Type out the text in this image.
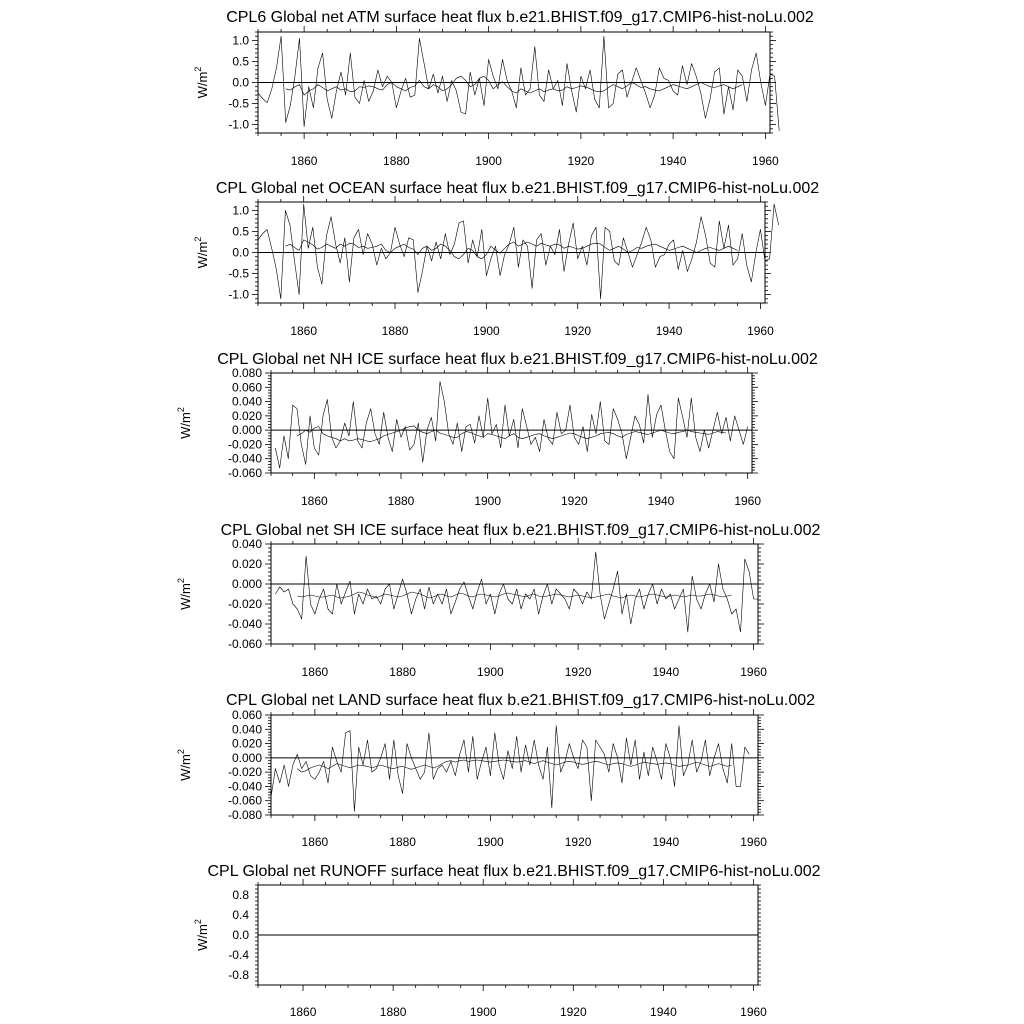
CPL6 Global net ATM surface heat flux b.e21.BHIST.f09_g17.CMIP6-hist-noLu.002
1.0
0.5
0.0
-0.5
-1.0
1860	1880	1900	1920	1940	1960
$W/m^2$
CPL Global net OCEAN surface heat flux b.e21.BHIST.f09_g17.CMIP6-hist-noLu.002
1.0
0.5
0.0
-0.5
-1.0
1860	1880	1900	1920	1940	1960
$W/m^2$
CPL Global net NH ICE surface heat flux b.e21.BHIST.f09_g17.CMIP6-hist-noLu.002
0.080
0.060
0.040
0.020
0.000
-0.020
-0.040
-0.060
1860	1880	1900	1920	1940	1960
$W/m^2$
CPL Global net SH ICE surface heat flux b.e21.BHIST.f09_g17.CMIP6-hist-noLu.002
0.040
0.020
0.000
-0.020
-0.040
-0.060
1860	1880	1900	1920	1940	1960
$W/m^2$
CPL Global net LAND surface heat flux b.e21.BHIST.f09_g17.CMIP6-hist-noLu.002
0.060
0.040
0.020
0.000
-0.020
-0.040
-0.060
-0.080
1860	1880	1900	1920	1940	1960
$W/m^2$
CPL Global net RUNOFF surface heat flux b.e21.BHIST.f09_g17.CMIP6-hist-noLu.002
0.8
0.4
0.0
-0.4
-0.8
1860	1880	1900	1920	1940	1960
$W/m^2$
